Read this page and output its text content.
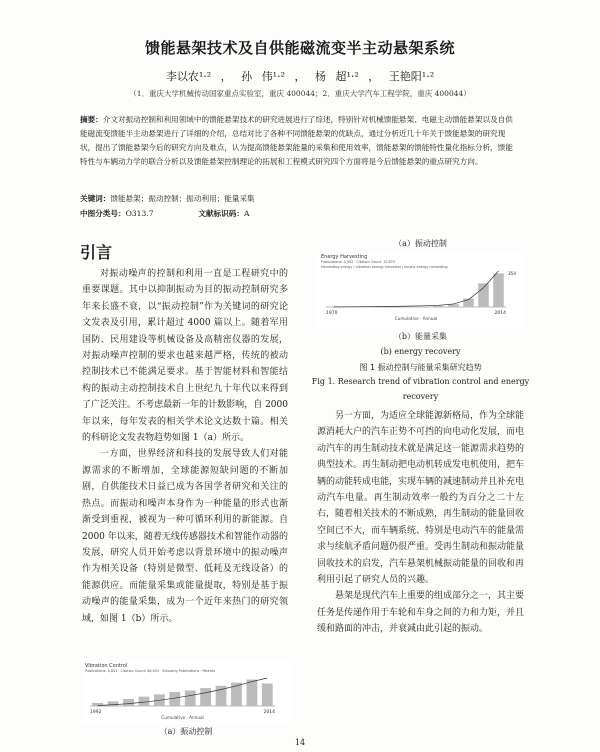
馈能悬架技术及自供能磁流变半主动悬架系统
李以农¹·² ， 孙 伟¹·² ， 杨 超¹·² ， 王艳阳¹·²
（1．重庆大学机械传动国家重点实验室，重庆 400044；2．重庆大学汽车工程学院，重庆 400044）
摘要：介文对振动控制和利用领域中的馈能悬架技术的研究进展进行了综述，特别针对机械馈能悬架、电磁主动馈能悬架以及自供能磁流变馈能半主动悬架进行了详细的介绍，总结对比了各种不同馈能悬架的优缺点，通过分析近几十年关于馈能悬架的研究现状，提出了馈能悬架今后的研究方向及难点，认为提高馈能悬架能量的采集和使用效率，馈能悬架的馈能特性量化指标分析，馈能特性与车辆动力学的联合分析以及馈能悬架控制理论的拓展和工程模式研究四个方面将是今后馈能悬架的重点研究方向。
关键词：馈能悬架；振动控制；振动利用；能量采集
中图分类号：O313.7	文献标识码：A
引言

对振动噪声的控制和利用一直是工程研究中的重要课题。其中以抑制振动为目的振动控制研究多年来长盛不衰，以“振动控制”作为关键词的研究论文发表及引用，累计超过 4000 篇以上。随着军用国防、民用建设等机械设备及高精密仪器的发展，对振动噪声控制的要求也越来越严格，传统的被动控制技术已不能满足要求。基于智能材料和智能结构的振动主动控制技术自上世纪九十年代以来得到了广泛关注。不考虑最新一年的计数影响，自 2000 年以来，每年发表的相关学术论文达数十篇。相关的科研论文发表物趋势如图 1（a）所示。

一方面，世界经济和科技的发展导致人们对能源需求的不断增加，全球能源短缺问题的不断加剧，自供能技术日益已成为各国学者研究和关注的热点。而振动和噪声本身作为一种能量的形式也渐渐受到重视，被视为一种可循环利用的新能源。自 2000 年以来，随着无线传感器技术和智能作动器的发展，研究人员开始考虑以背景环境中的振动噪声作为相关设备（特别是微型、低耗及无线设备）的能源供应。而能量采集或能量提取，特别是基于振动噪声的能量采集，成为一个近年来热门的研究领域，如图 1（b）所示。

Vibration Control
Publications: 4,831 · Citation Count: 48,453 · Scholarly Publications · Patents
1992	2014
Cumulative · Annual
（a）振动控制
（a）振动控制
Energy Harvesting
Publications: 4,942 · Citation Count: 10,870
Harvesting energy / vibration energy harvester / kinetic energy harvesting
1970	2014
Cumulative · Annual
354
（b）能量采集
(b) energy recovery
图 1 振动控制与能量采集研究趋势
Fig 1. Research trend of vibration control and energy
recovery

另一方面，为适应全球能源新格局，作为全球能源消耗大户的汽车正势不可挡的向电动化发展，而电动汽车的再生制动技术就是满足这一能源需求趋势的典型技术。再生制动把电动机转成发电机使用，把车辆的动能转成电能，实现车辆的减速制动并且补充电动汽车电量。再生制动效率一般约为百分之二十左右，随着相关技术的不断成熟，再生制动的能量回收空间已不大，而车辆系统、特别是电动汽车的能量需求与续航矛盾问题仍很严重。受再生制动和振动能量回收技术的启发，汽车悬架机械振动能量的回收和再利用引起了研究人员的兴趣。

悬架是现代汽车上重要的组成部分之一，其主要任务是传递作用于车轮和车身之间的力和力矩，并且缓和路面的冲击，并衰减由此引起的振动。

14
